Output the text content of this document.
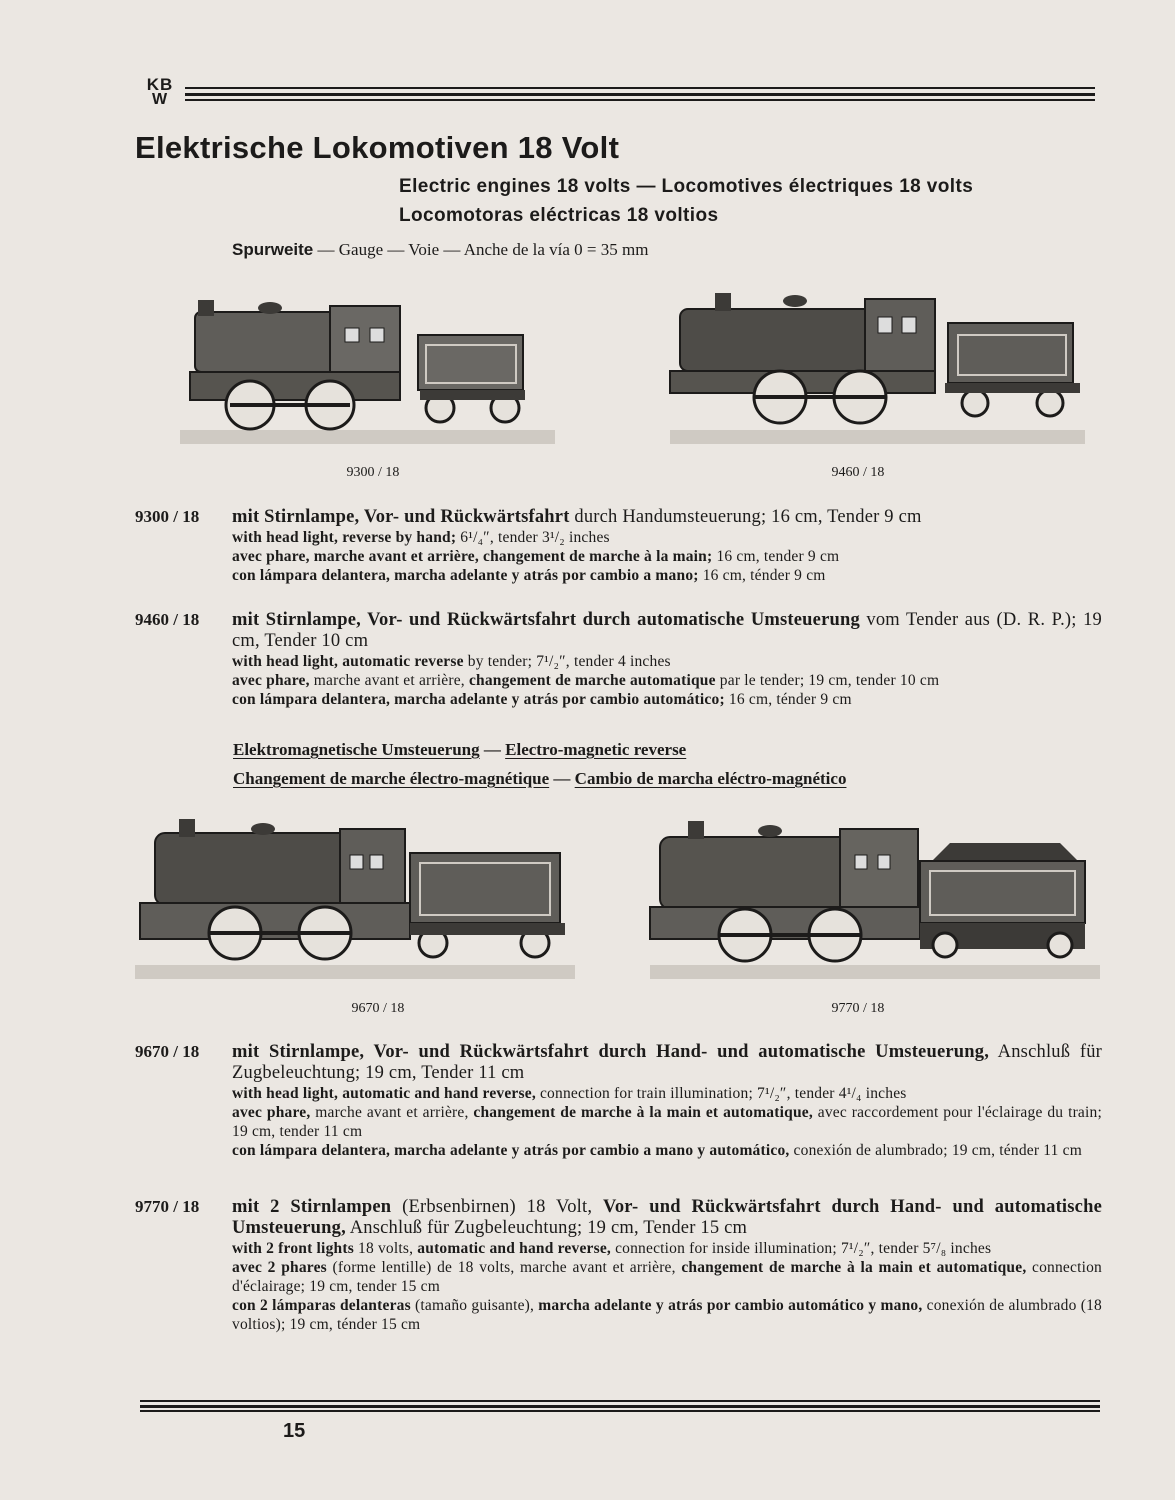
KB
W
Elektrische Lokomotiven 18 Volt
Electric engines 18 volts — Locomotives électriques 18 volts
Locomotoras eléctricas 18 voltios
Spurweite — Gauge — Voie — Anche de la vía 0 = 35 mm
9300 / 18	9460 / 18
9300 / 18 mit Stirnlampe, Vor- und Rückwärtsfahrt durch Handumsteuerung; 16 cm, Tender 9 cm
with head light, reverse by hand; 6¹/₄″, tender 3¹/₂ inches
avec phare, marche avant et arrière, changement de marche à la main; 16 cm, tender 9 cm
con lámpara delantera, marcha adelante y atrás por cambio a mano; 16 cm, ténder 9 cm
9460 / 18 mit Stirnlampe, Vor- und Rückwärtsfahrt durch automatische Umsteuerung vom Tender aus (D. R. P.); 19 cm, Tender 10 cm
with head light, automatic reverse by tender; 7¹/₂″, tender 4 inches
avec phare, marche avant et arrière, changement de marche automatique par le tender; 19 cm, tender 10 cm
con lámpara delantera, marcha adelante y atrás por cambio automático; 16 cm, ténder 9 cm
Elektromagnetische Umsteuerung — Electro-magnetic reverse
Changement de marche électro-magnétique — Cambio de marcha eléctro-magnético
9670 / 18	9770 / 18
9670 / 18 mit Stirnlampe, Vor- und Rückwärtsfahrt durch Hand- und automatische Umsteuerung, Anschluß für Zugbeleuchtung; 19 cm, Tender 11 cm
with head light, automatic and hand reverse, connection for train illumination; 7¹/₂″, tender 4¹/₄ inches
avec phare, marche avant et arrière, changement de marche à la main et automatique, avec raccordement pour l'éclairage du train; 19 cm, tender 11 cm
con lámpara delantera, marcha adelante y atrás por cambio a mano y automático, conexión de alumbrado; 19 cm, ténder 11 cm
9770 / 18 mit 2 Stirnlampen (Erbsenbirnen) 18 Volt, Vor- und Rückwärtsfahrt durch Hand- und automatische Umsteuerung, Anschluß für Zugbeleuchtung; 19 cm, Tender 15 cm
with 2 front lights 18 volts, automatic and hand reverse, connection for inside illumination; 7¹/₂″, tender 5⁷/₈ inches
avec 2 phares (forme lentille) de 18 volts, marche avant et arrière, changement de marche à la main et automatique, connection d'éclairage; 19 cm, tender 15 cm
con 2 lámparas delanteras (tamaño guisante), marcha adelante y atrás por cambio automático y mano, conexión de alumbrado (18 voltios); 19 cm, ténder 15 cm
15
